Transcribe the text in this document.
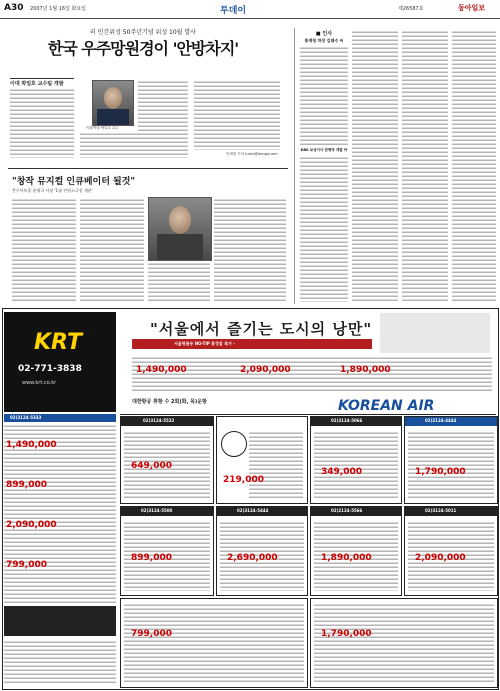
A30 2007년 1월 16일 화요일	투데이	제26587호	동아일보
러 민간위성 50주년기념 위성 10월 발사
한국 우주망원경이 '안방차지'
이대 박일호 교수팀 개발
이화여대 박일호 교수
이세형 기자 turtle@donga.com
"창작 뮤지컬 인큐베이터 될것"
충무아트홀 윤영국 사장 '1월 전원소극장 개관'
■ 인사
통계청 차장 김태수 씨
KBS 보성이사 관행적 개발 外
KRT
02-771-3838
www.krt.co.kr
"서울에서 즐기는 도시의 낭만"
서울명품동 NO-TIP 흥정잡 특가 -
1,490,000	2,090,000	1,890,000
KOREAN AIR
대한항공 취항 수 2회(화, 목)운항
02)3124-5333
1,490,000
899,000
2,090,000
799,000
02)3124-5522
649,000
219,000
02)3124-5066
349,000
02)2124-4444
1,790,000
02)3124-5500
899,000
02)3124-5444
2,690,000
02)2124-5566
1,890,000
02)3124-5011
2,090,000
799,000	1,790,000
